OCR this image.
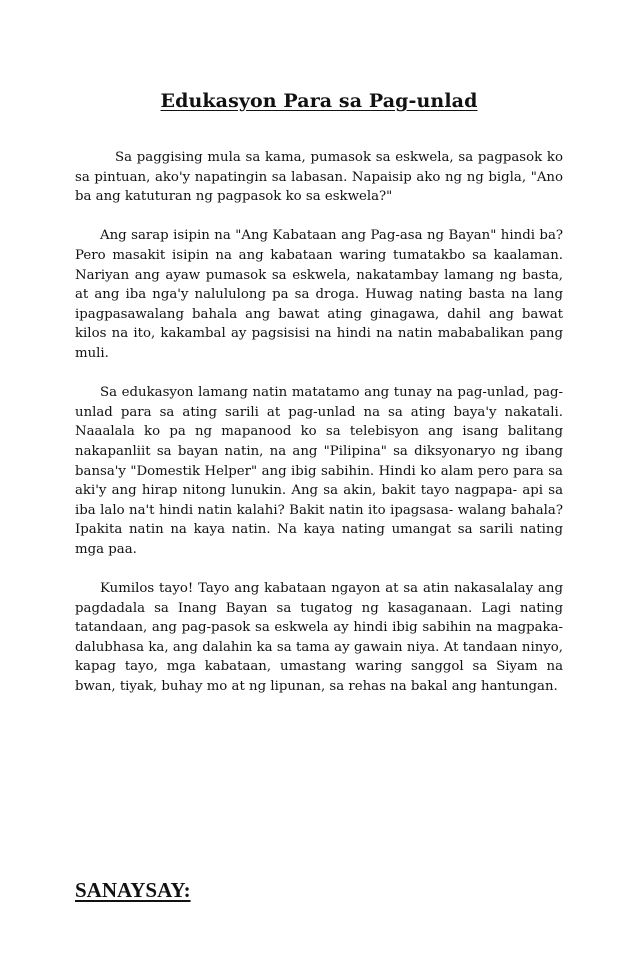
Edukasyon Para sa Pag-unlad

Sa paggising mula sa kama, pumasok sa eskwela, sa pagpasok ko sa pintuan, ako'y napatingin sa labasan. Napaisip ako ng ng bigla, "Ano ba ang katuturan ng pagpasok ko sa eskwela?"

Ang sarap isipin na "Ang Kabataan ang Pag-asa ng Bayan" hindi ba? Pero masakit isipin na ang kabataan waring tumatakbo sa kaalaman. Nariyan ang ayaw pumasok sa eskwela, nakatambay lamang ng basta, at ang iba nga'y nalululong pa sa droga. Huwag nating basta na lang ipagpasawalang bahala ang bawat ating ginagawa, dahil ang bawat kilos na ito, kakambal ay pagsisisi na hindi na natin mababalikan pang muli.

Sa edukasyon lamang natin matatamo ang tunay na pag-unlad, pag-unlad para sa ating sarili at pag-unlad na sa ating baya'y nakatali. Naaalala ko pa ng mapanood ko sa telebisyon ang isang balitang nakapanliit sa bayan natin, na ang "Pilipina" sa diksyonaryo ng ibang bansa'y "Domestik Helper" ang ibig sabihin. Hindi ko alam pero para sa aki'y ang hirap nitong lunukin. Ang sa akin, bakit tayo nagpapa- api sa iba lalo na't hindi natin kalahi? Bakit natin ito ipagsasa- walang bahala? Ipakita natin na kaya natin. Na kaya nating umangat sa sarili nating mga paa.

Kumilos tayo! Tayo ang kabataan ngayon at sa atin nakasalalay ang pagdadala sa Inang Bayan sa tugatog ng kasaganaan. Lagi nating tatandaan, ang pag-pasok sa eskwela ay hindi ibig sabihin na magpaka-dalubhasa ka, ang dalahin ka sa tama ay gawain niya. At tandaan ninyo, kapag tayo, mga kabataan, umastang waring sanggol sa Siyam na bwan, tiyak, buhay mo at ng lipunan, sa rehas na bakal ang hantungan.

SANAYSAY:
